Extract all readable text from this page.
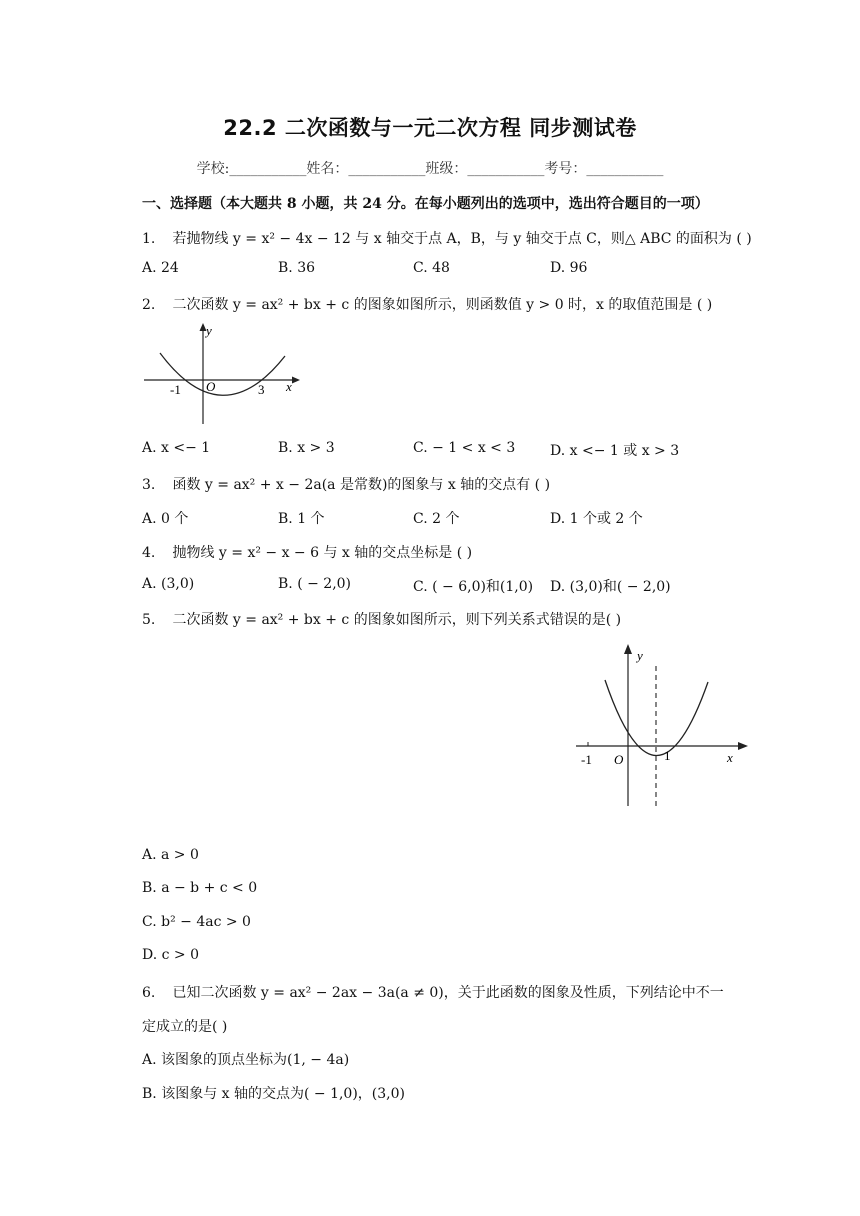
22.2 二次函数与一元二次方程 同步测试卷
学校:___________姓名：___________班级：___________考号：___________
一、选择题（本大题共 8 小题，共 24 分。在每小题列出的选项中，选出符合题目的一项）
1. 若抛物线 y = x² − 4x − 12 与 x 轴交于点 A，B，与 y 轴交于点 C，则△ ABC 的面积为 ( )
A. 24	B. 36	C. 48	D. 96
2. 二次函数 y = ax² + bx + c 的图象如图所示，则函数值 y > 0 时，x 的取值范围是 ( )
y
-1 O	3 x
A. x <− 1	B. x > 3	C. − 1 < x < 3 D. x <− 1 或 x > 3
3. 函数 y = ax² + x − 2a(a 是常数)的图象与 x 轴的交点有 ( )
A. 0 个	B. 1 个	C. 2 个	D. 1 个或 2 个
4. 抛物线 y = x² − x − 6 与 x 轴的交点坐标是 ( )
A. (3,0)	B. ( − 2,0)	C. ( − 6,0)和(1,0) D. (3,0)和( − 2,0)
5. 二次函数 y = ax² + bx + c 的图象如图所示，则下列关系式错误的是( )
y
-1 O	1	x
A. a > 0
B. a − b + c < 0
C. b² − 4ac > 0
D. c > 0
6. 已知二次函数 y = ax² − 2ax − 3a(a ≠ 0)，关于此函数的图象及性质，下列结论中不一
定成立的是( )
A. 该图象的顶点坐标为(1, − 4a)
B. 该图象与 x 轴的交点为( − 1,0)，(3,0)
